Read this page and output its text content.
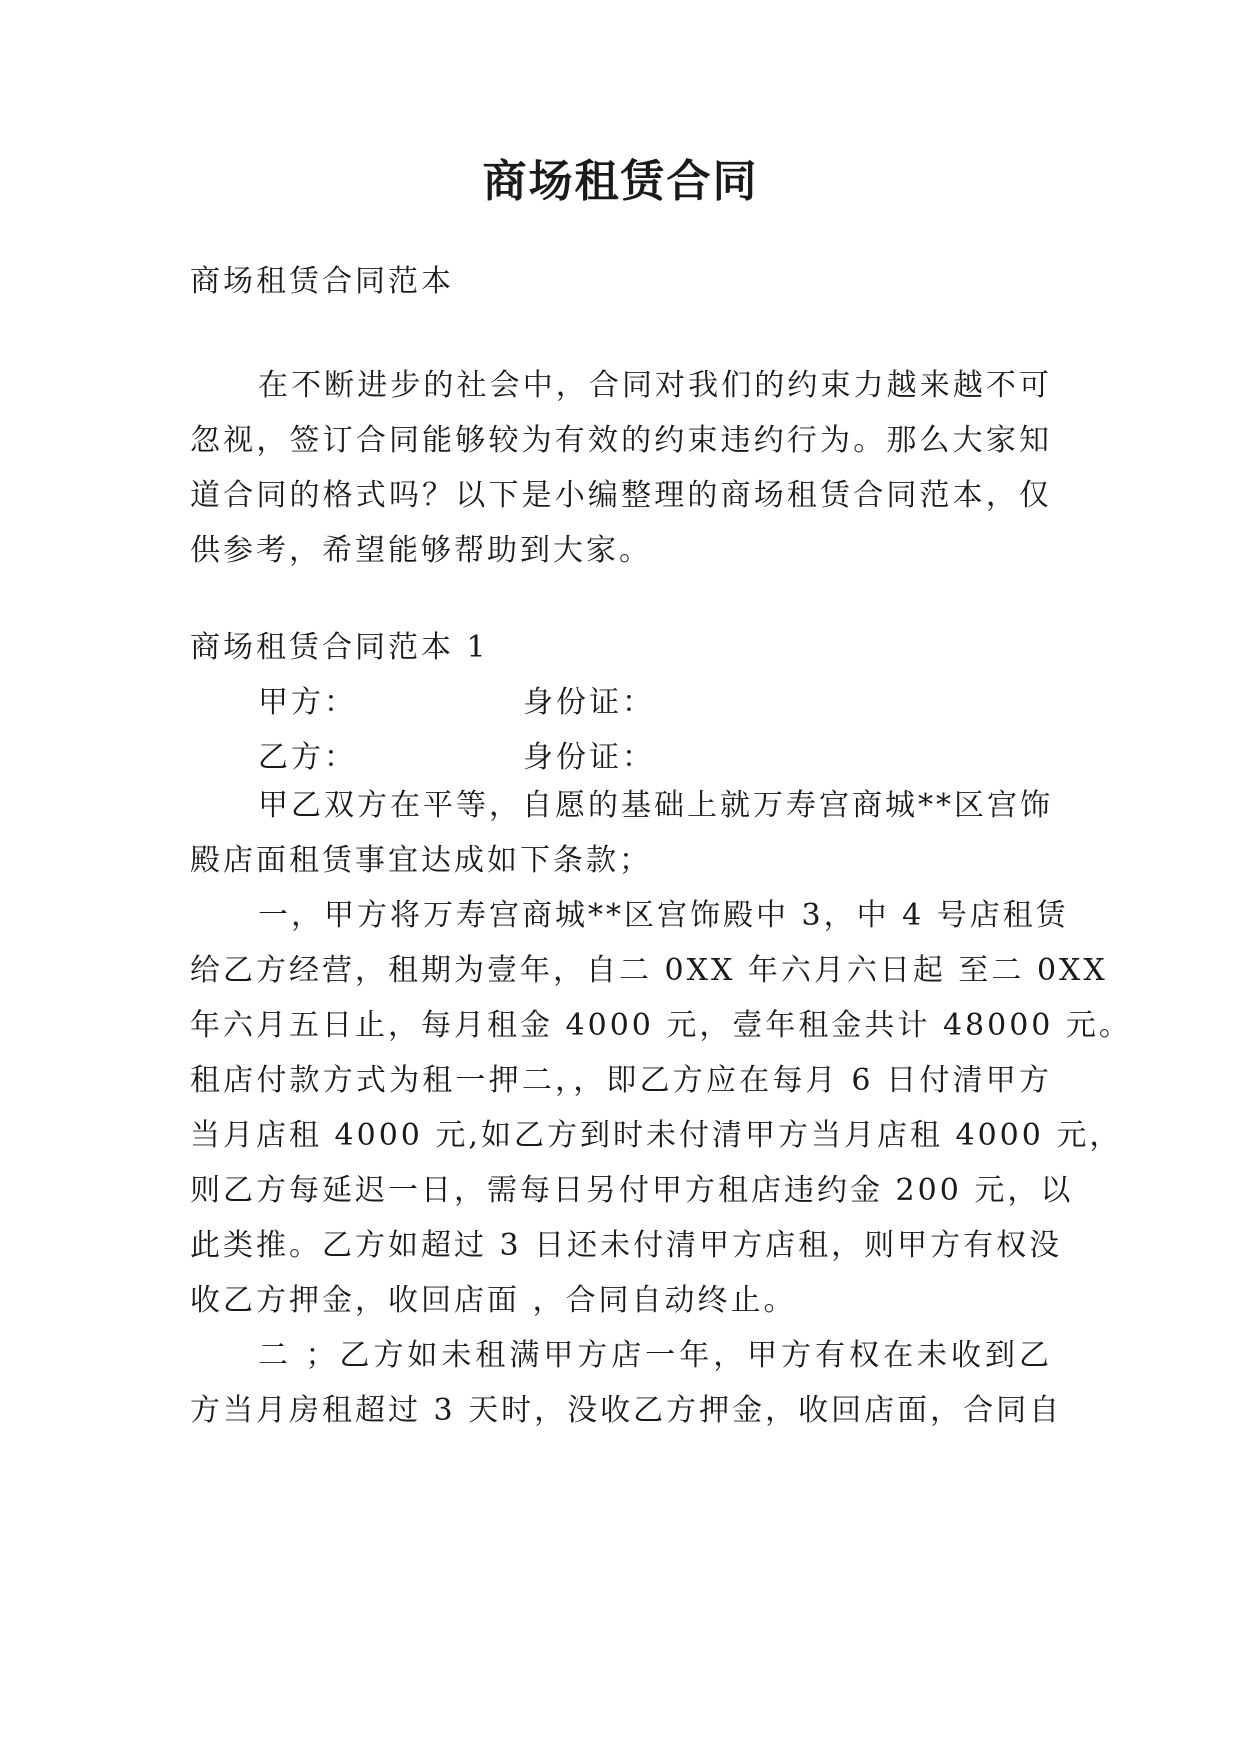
商场租赁合同
商场租赁合同范本
在不断进步的社会中，合同对我们的约束力越来越不可
忽视，签订合同能够较为有效的约束违约行为。那么大家知
道合同的格式吗？以下是小编整理的商场租赁合同范本，仅
供参考，希望能够帮助到大家。
商场租赁合同范本 1
甲方：	身份证：
乙方：	身份证：
甲乙双方在平等，自愿的基础上就万寿宫商城**区宫饰
殿店面租赁事宜达成如下条款；
一，甲方将万寿宫商城**区宫饰殿中 3，中 4 号店租赁
给乙方经营，租期为壹年，自二 0XX 年六月六日起 至二 0XX
年六月五日止，每月租金 4000 元，壹年租金共计 48000 元。
租店付款方式为租一押二，，即乙方应在每月 6 日付清甲方
当月店租 4000 元,如乙方到时未付清甲方当月店租 4000 元，
则乙方每延迟一日，需每日另付甲方租店违约金 200 元，以
此类推。乙方如超过 3 日还未付清甲方店租，则甲方有权没
收乙方押金，收回店面 ，合同自动终止。
二 ；乙方如未租满甲方店一年，甲方有权在未收到乙
方当月房租超过 3 天时，没收乙方押金，收回店面，合同自
